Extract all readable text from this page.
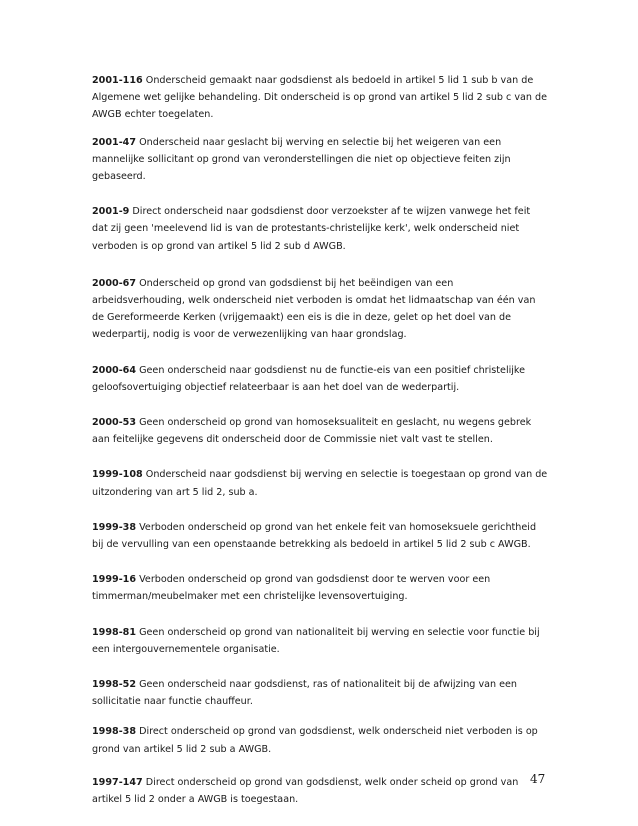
2001-116 Onderscheid gemaakt naar godsdienst als bedoeld in artikel 5 lid 1 sub b van de Algemene wet gelijke behandeling. Dit onderscheid is op grond van artikel 5 lid 2 sub c van de AWGB echter toegelaten.

2001-47 Onderscheid naar geslacht bij werving en selectie bij het weigeren van een mannelijke sollicitant op grond van veronderstellingen die niet op objectieve feiten zijn gebaseerd.

2001-9 Direct onderscheid naar godsdienst door verzoekster af te wijzen vanwege het feit dat zij geen 'meelevend lid is van de protestants-christelijke kerk', welk onderscheid niet verboden is op grond van artikel 5 lid 2 sub d AWGB.

2000-67 Onderscheid op grond van godsdienst bij het beëindigen van een arbeidsverhouding, welk onderscheid niet verboden is omdat het lidmaatschap van één van de Gereformeerde Kerken (vrijgemaakt) een eis is die in deze, gelet op het doel van de wederpartij, nodig is voor de verwezenlijking van haar grondslag.

2000-64 Geen onderscheid naar godsdienst nu de functie-eis van een positief christelijke geloofsovertuiging objectief relateerbaar is aan het doel van de wederpartij.

2000-53 Geen onderscheid op grond van homoseksualiteit en geslacht, nu wegens gebrek aan feitelijke gegevens dit onderscheid door de Commissie niet valt vast te stellen.

1999-108 Onderscheid naar godsdienst bij werving en selectie is toegestaan op grond van de uitzondering van art 5 lid 2, sub a.

1999-38 Verboden onderscheid op grond van het enkele feit van homoseksuele gerichtheid bij de vervulling van een openstaande betrekking als bedoeld in artikel 5 lid 2 sub c AWGB.

1999-16 Verboden onderscheid op grond van godsdienst door te werven voor een timmerman/meubelmaker met een christelijke levensovertuiging.

1998-81 Geen onderscheid op grond van nationaliteit bij werving en selectie voor functie bij een intergouvernementele organisatie.

1998-52 Geen onderscheid naar godsdienst, ras of nationaliteit bij de afwijzing van een sollicitatie naar functie chauffeur.

1998-38 Direct onderscheid op grond van godsdienst, welk onderscheid niet verboden is op grond van artikel 5 lid 2 sub a AWGB.

1997-147 Direct onderscheid op grond van godsdienst, welk onder scheid op grond van artikel 5 lid 2 onder a AWGB is toegestaan.

47
